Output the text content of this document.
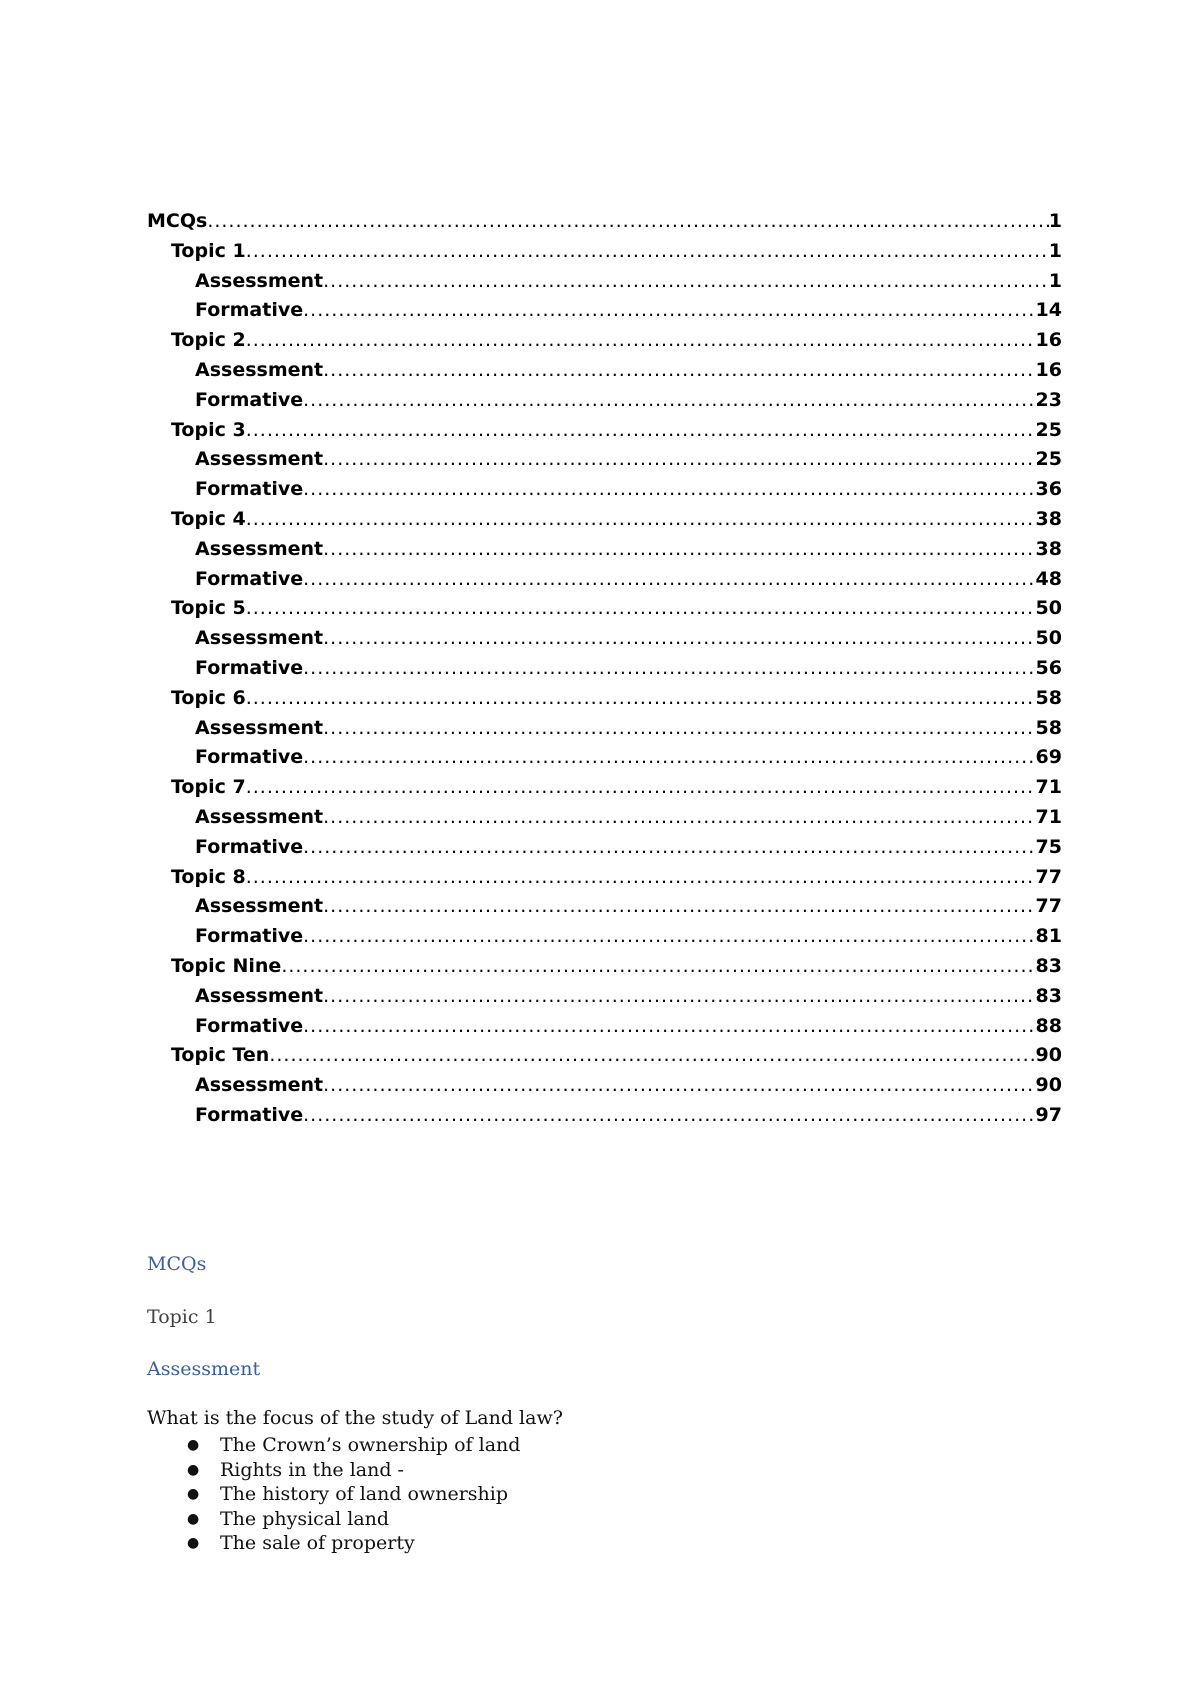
MCQs .....	1
Topic 1 .....	1
Assessment .....	1
Formative .....	14
Topic 2 .....	16
Assessment .....	16
Formative .....	23
Topic 3 .....	25
Assessment .....	25
Formative .....	36
Topic 4 .....	38
Assessment .....	38
Formative .....	48
Topic 5 .....	50
Assessment .....	50
Formative .....	56
Topic 6 .....	58
Assessment .....	58
Formative .....	69
Topic 7 .....	71
Assessment .....	71
Formative .....	75
Topic 8 .....	77
Assessment .....	77
Formative .....	81
Topic Nine .....	83
Assessment .....	83
Formative .....	88
Topic Ten .....	90
Assessment .....	90
Formative .....	97
MCQs
Topic 1
Assessment
What is the focus of the study of Land law?
● The Crown’s ownership of land
● Rights in the land -
● The history of land ownership
● The physical land
● The sale of property
